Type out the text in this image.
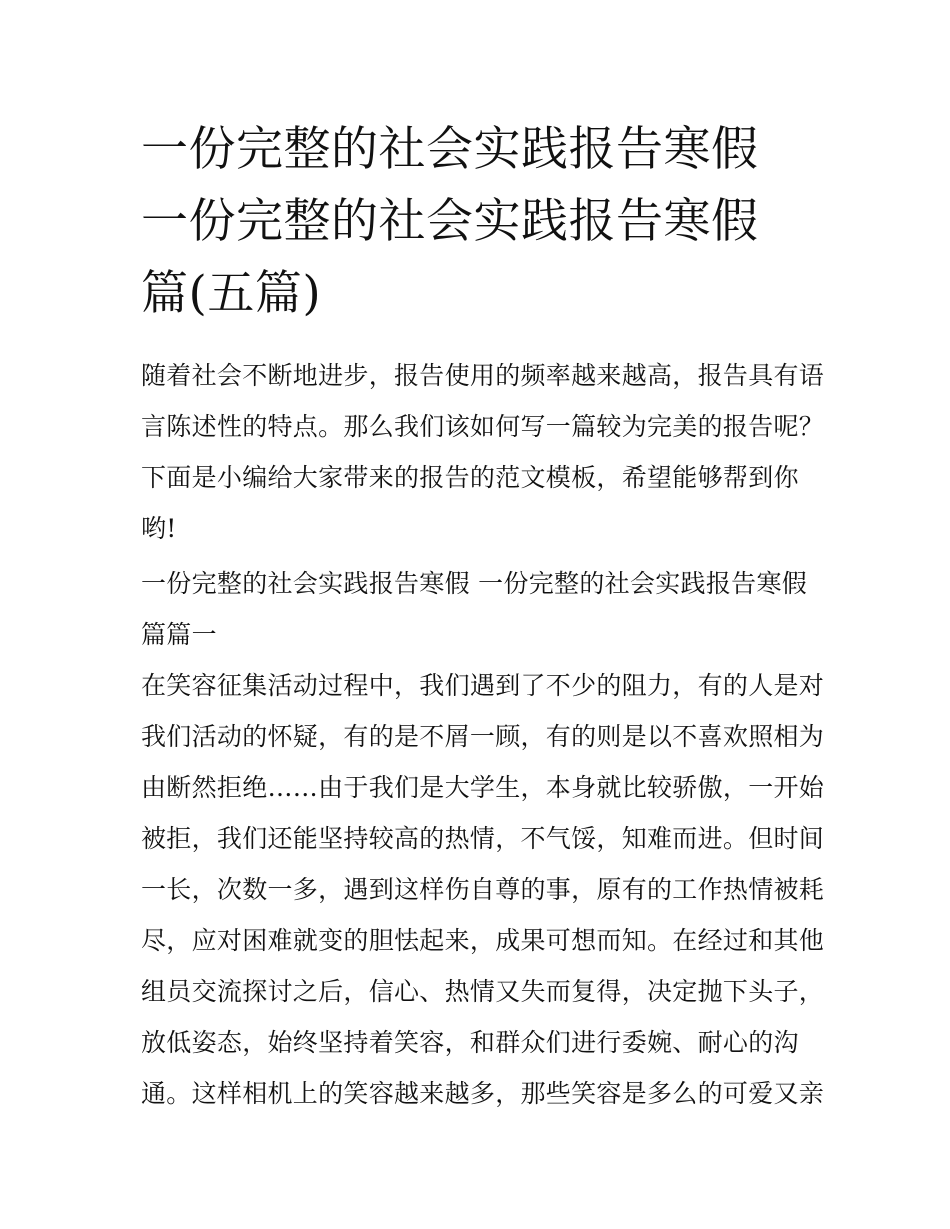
一份完整的社会实践报告寒假
一份完整的社会实践报告寒假
篇(五篇)

随着社会不断地进步，报告使用的频率越来越高，报告具有语
言陈述性的特点。那么我们该如何写一篇较为完美的报告呢？
下面是小编给大家带来的报告的范文模板，希望能够帮到你
哟!

一份完整的社会实践报告寒假 一份完整的社会实践报告寒假
篇篇一

在笑容征集活动过程中，我们遇到了不少的阻力，有的人是对
我们活动的怀疑，有的是不屑一顾，有的则是以不喜欢照相为
由断然拒绝……由于我们是大学生，本身就比较骄傲，一开始
被拒，我们还能坚持较高的热情，不气馁，知难而进。但时间
一长，次数一多，遇到这样伤自尊的事，原有的工作热情被耗
尽，应对困难就变的胆怯起来，成果可想而知。在经过和其他
组员交流探讨之后，信心、热情又失而复得，决定抛下头子，
放低姿态，始终坚持着笑容，和群众们进行委婉、耐心的沟
通。这样相机上的笑容越来越多，那些笑容是多么的可爱又亲
